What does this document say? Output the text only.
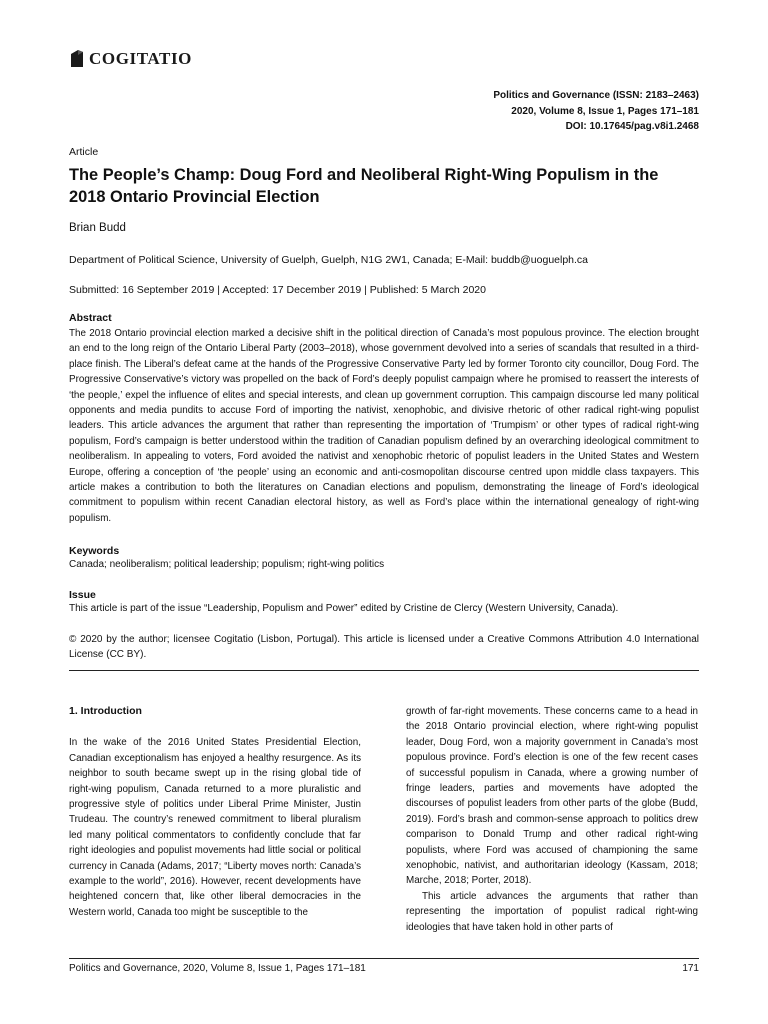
COGITATIO
Politics and Governance (ISSN: 2183–2463)
2020, Volume 8, Issue 1, Pages 171–181
DOI: 10.17645/pag.v8i1.2468
Article
The People’s Champ: Doug Ford and Neoliberal Right-Wing Populism in the 2018 Ontario Provincial Election
Brian Budd
Department of Political Science, University of Guelph, Guelph, N1G 2W1, Canada; E-Mail: buddb@uoguelph.ca
Submitted: 16 September 2019 | Accepted: 17 December 2019 | Published: 5 March 2020
Abstract

The 2018 Ontario provincial election marked a decisive shift in the political direction of Canada’s most populous province. The election brought an end to the long reign of the Ontario Liberal Party (2003–2018), whose government devolved into a series of scandals that resulted in a third-place finish. The Liberal’s defeat came at the hands of the Progressive Conservative Party led by former Toronto city councillor, Doug Ford. The Progressive Conservative’s victory was propelled on the back of Ford’s deeply populist campaign where he promised to reassert the interests of ‘the people,’ expel the influence of elites and special interests, and clean up government corruption. This campaign discourse led many political opponents and media pundits to accuse Ford of importing the nativist, xenophobic, and divisive rhetoric of other radical right-wing populist leaders. This article advances the argument that rather than representing the importation of ‘Trumpism’ or other types of radical right-wing populism, Ford’s campaign is better understood within the tradition of Canadian populism defined by an overarching ideological commitment to neoliberalism. In appealing to voters, Ford avoided the nativist and xenophobic rhetoric of populist leaders in the United States and Western Europe, offering a conception of ‘the people’ using an economic and anti-cosmopolitan discourse centred upon middle class taxpayers. This article makes a contribution to both the literatures on Canadian elections and populism, demonstrating the lineage of Ford’s ideological commitment to populism within recent Canadian electoral history, as well as Ford’s place within the international genealogy of right-wing populism.

Keywords
Canada; neoliberalism; political leadership; populism; right-wing politics
Issue
This article is part of the issue “Leadership, Populism and Power” edited by Cristine de Clercy (Western University, Canada).

© 2020 by the author; licensee Cogitatio (Lisbon, Portugal). This article is licensed under a Creative Commons Attribution 4.0 International License (CC BY).

1. Introduction

In the wake of the 2016 United States Presidential Election, Canadian exceptionalism has enjoyed a healthy resurgence. As its neighbor to south became swept up in the rising global tide of right-wing populism, Canada returned to a more pluralistic and progressive style of politics under Liberal Prime Minister, Justin Trudeau. The country’s renewed commitment to liberal pluralism led many political commentators to confidently conclude that far right ideologies and populist movements had little social or political currency in Canada (Adams, 2017; “Liberty moves north: Canada’s example to the world”, 2016). However, recent developments have heightened concern that, like other liberal democracies in the Western world, Canada too might be susceptible to the

growth of far-right movements. These concerns came to a head in the 2018 Ontario provincial election, where right-wing populist leader, Doug Ford, won a majority government in Canada’s most populous province. Ford’s election is one of the few recent cases of successful populism in Canada, where a growing number of fringe leaders, parties and movements have adopted the discourses of populist leaders from other parts of the globe (Budd, 2019). Ford’s brash and common-sense approach to politics drew comparison to Donald Trump and other radical right-wing populists, where Ford was accused of championing the same xenophobic, nativist, and authoritarian ideology (Kassam, 2018; Marche, 2018; Porter, 2018).

This article advances the arguments that rather than representing the importation of populist radical right-wing ideologies that have taken hold in other parts of

Politics and Governance, 2020, Volume 8, Issue 1, Pages 171–181	171
